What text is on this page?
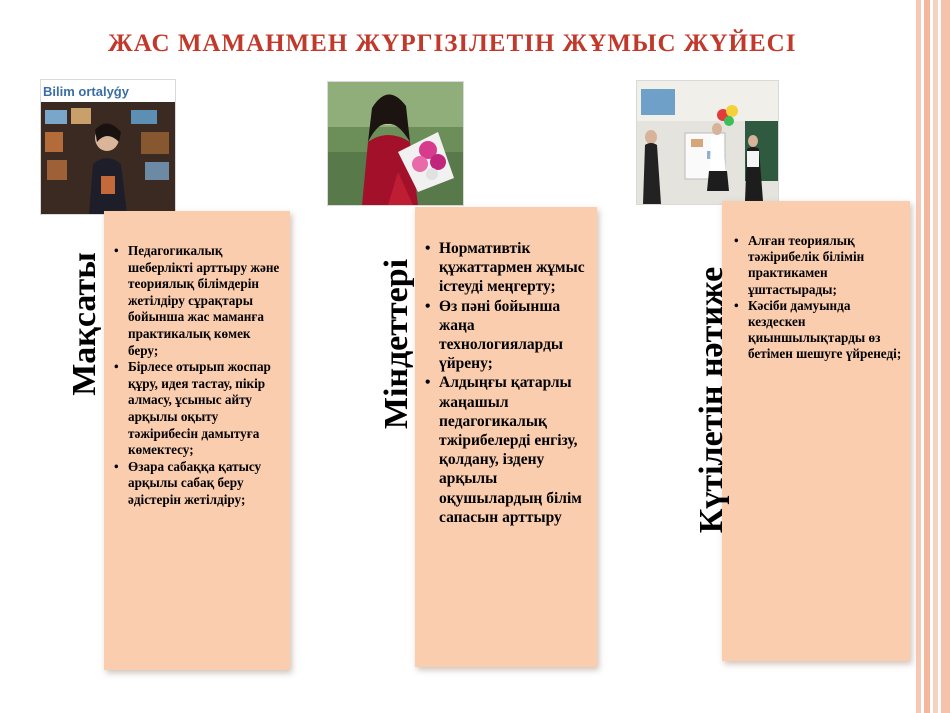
ЖАС МАМАНМЕН ЖҮРГІЗІЛЕТІН ЖҰМЫС ЖҮЙЕСІ
Bilim ortalyǵy
• Педагогикалық шеберлікті арттыру және теориялық білімдерін жетілдіру сұрақтары бойынша жас маманға практикалық көмек беру;
• Бірлесе отырып жоспар құру, идея тастау, пікір алмасу, ұсыныс айту арқылы оқыту тәжірибесін дамытуға көмектесу;
• Өзара сабаққа қатысу арқылы сабақ беру әдістерін жетілдіру;
Мақсаты
• Нормативтік құжаттармен жұмыс істеуді меңгерту;
• Өз пәні бойынша жаңа технологияларды үйрену;
• Алдыңғы қатарлы жаңашыл педагогикалық тжірибелерді енгізу, қолдану, іздену арқылы оқушылардың білім сапасын арттыру
Міндеттері
• Алған теориялық тәжірибелік білімін практикамен ұштастырады;
• Кәсіби дамуында кездескен қиыншылықтарды өз бетімен шешуге үйренеді;
Күтілетін нәтиже
